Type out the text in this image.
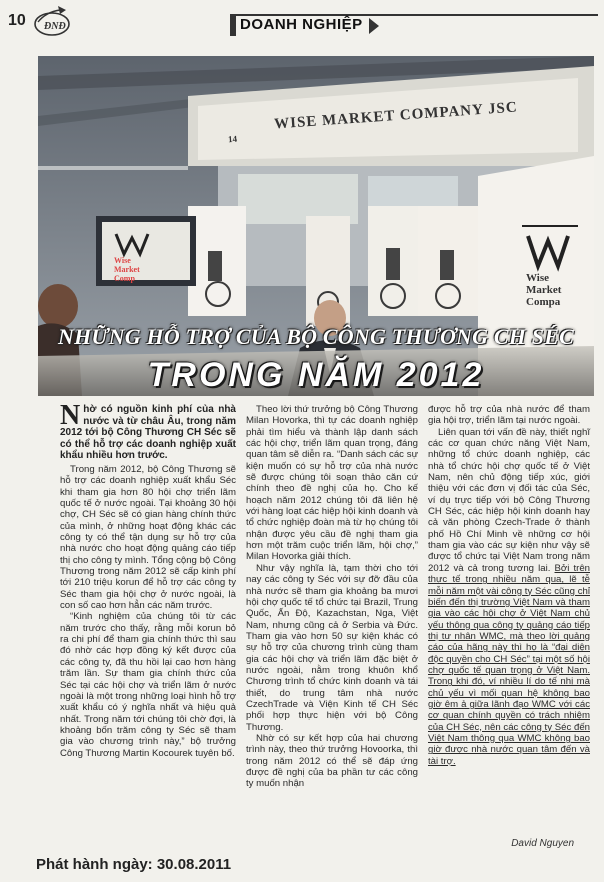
10 ĐNĐ	DOANH NGHIỆP
WISE MARKET COMPANY JSC
14
Wise
Market
Compa
Wise
Market
Comp
NHỮNG HỖ TRỢ CỦA BỘ CÔNG THƯƠNG CH SÉC
TRONG NĂM 2012
Nhờ có nguồn kinh phí của nhà nước và từ châu Âu, trong năm 2012 tới bộ Công Thương CH Séc sẽ có thể hỗ trợ các doanh nghiệp xuất khẩu nhiều hơn trước.

Trong năm 2012, bộ Công Thương sẽ hỗ trợ các doanh nghiệp xuất khẩu Séc khi tham gia hơn 80 hội chợ triển lãm quốc tế ở nước ngoài. Tại khoảng 30 hội chợ, CH Séc sẽ có gian hàng chính thức của mình, ở những hoạt động khác các công ty có thể tận dụng sự hỗ trợ của nhà nước cho hoạt động quảng cáo tiếp thị cho công ty mình. Tổng cộng bộ Công Thương trong năm 2012 sẽ cấp kinh phí tới 210 triệu korun để hỗ trợ các công ty Séc tham gia hội chợ ở nước ngoài, là con số cao hơn hẳn các năm trước.

“Kinh nghiệm của chúng tôi từ các năm trước cho thấy, rằng mỗi korun bỏ ra chi phí để tham gia chính thức thì sau đó nhờ các hợp đồng ký kết được của các công ty, đã thu hồi lại cao hơn hàng trăm lần. Sự tham gia chính thức của Séc tại các hội chợ và triển lãm ở nước ngoài là một trong những loại hình hỗ trợ xuất khẩu có ý nghĩa nhất và hiệu quả nhất. Trong năm tới chúng tôi chờ đợi, là khoảng bốn trăm công ty Séc sẽ tham gia vào chương trình này,” bộ trưởng Công Thương Martin Kocourek tuyên bố.

Theo lời thứ trưởng bộ Công Thương Milan Hovorka, thì tự các doanh nghiệp phải tìm hiểu và thành lập danh sách các hội chợ, triển lãm quan trọng, đáng quan tâm sẽ diễn ra. “Danh sách các sự kiện muốn có sự hỗ trợ của nhà nước sẽ được chúng tôi soạn thảo căn cứ chính theo đề nghị của họ. Cho kế hoạch năm 2012 chúng tôi đã liên hệ với hàng loạt các hiệp hội kinh doanh và tổ chức nghiệp đoàn mà từ họ chúng tôi nhận được yêu cầu đề nghị tham gia hơn một trăm cuộc triển lãm, hội chợ,” Milan Hovorka giải thích.

Như vậy nghĩa là, tạm thời cho tới nay các công ty Séc với sự đỡ đầu của nhà nước sẽ tham gia khoảng ba mươi hội chợ quốc tế tổ chức tại Brazil, Trung Quốc, Ấn Độ, Kazachstan, Nga, Việt Nam, nhưng cũng cả ở Serbia và Đức. Tham gia vào hơn 50 sự kiện khác có sự hỗ trợ của chương trình cùng tham gia các hội chợ và triển lãm đặc biệt ở nước ngoài, nằm trong khuôn khổ Chương trình tổ chức kinh doanh và tái thiết, do trung tâm nhà nước CzechTrade và Viện Kinh tế CH Séc phối hợp thực hiện với bộ Công Thương.

Nhờ có sự kết hợp của hai chương trình này, theo thứ trưởng Hovoorka, thì trong năm 2012 có thể sẽ đáp ứng được đề nghị của ba phần tư các công ty muốn nhận

được hỗ trợ của nhà nước để tham gia hội trợ, triển lãm tại nước ngoài.

Liên quan tới vấn đề này, thiết nghĩ các cơ quan chức năng Việt Nam, những tổ chức doanh nghiệp, các nhà tổ chức hội chợ quốc tế ở Việt Nam, nên chủ động tiếp xúc, giới thiệu với các đơn vị đối tác của Séc, ví dụ trực tiếp với bộ Công Thương CH Séc, các hiệp hội kinh doanh hay cả văn phòng Czech-Trade ở thành phố Hồ Chí Minh về những cơ hội tham gia vào các sự kiện như vậy sẽ được tổ chức tại Việt Nam trong năm 2012 và cả trong tương lai. Bởi trên thực tế trong nhiều năm qua, lẽ tễ mỗi năm một vài công ty Séc cũng chỉ biến đến thị trường Việt Nam và tham gia vào các hội chợ ở Việt Nam chủ yếu thông qua công ty quảng cáo tiếp thị tư nhân WMC, mà theo lời quảng cáo của hãng này thì họ là “đại diện độc quyền cho CH Séc” tại một số hội chợ quốc tế quan trọng ở Việt Nam. Trong khi đó, ví nhiều lí do tế nhị mà chủ yếu vì mối quan hệ không bao giờ êm ả giữa lãnh đạo WMC với các cơ quan chính quyền có trách nhiệm của CH Séc, nên các công ty Séc đến Việt Nam thông qua WMC không bao giờ được nhà nước quan tâm đến và tài trợ.

David Nguyen
Phát hành ngày: 30.08.2011
